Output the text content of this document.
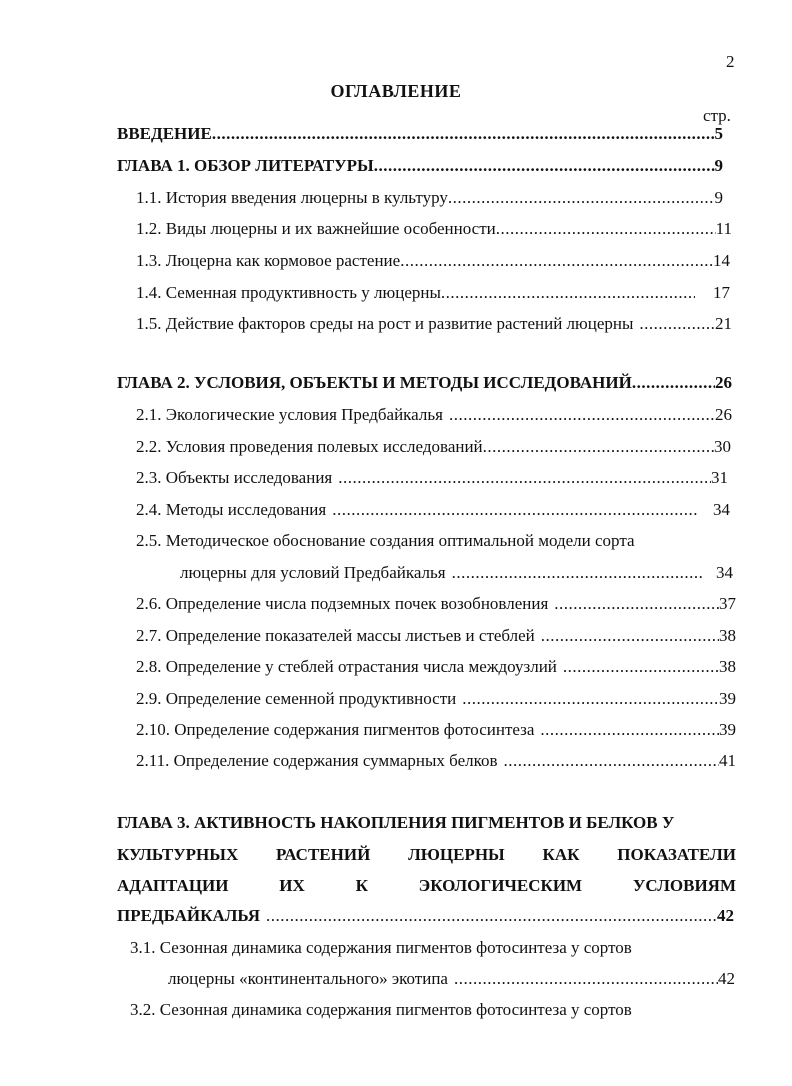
2
ОГЛАВЛЕНИЕ
стр.
ВВЕДЕНИЕ .....	5
ГЛАВА 1. ОБЗОР ЛИТЕРАТУРЫ .....	9
1.1. История введения люцерны в культуру .....	9
1.2. Виды люцерны и их важнейшие особенности .....	11
1.3. Люцерна как кормовое растение .....	14
1.4. Семенная продуктивность у люцерны .....	17
1.5. Действие факторов среды на рост и развитие растений люцерны .....	21
ГЛАВА 2. УСЛОВИЯ, ОБЪЕКТЫ И МЕТОДЫ ИССЛЕДОВАНИЙ .....	26
2.1. Экологические условия Предбайкалья .....	26
2.2. Условия проведения полевых исследований .....	30
2.3. Объекты исследования .....	31
2.4. Методы исследования .....	34
2.5. Методическое обоснование создания оптимальной модели сорта
люцерны для условий Предбайкалья .....	34
2.6. Определение числа подземных почек возобновления .....	37
2.7. Определение показателей массы листьев и стеблей .....	38
2.8. Определение у стеблей отрастания числа междоузлий .....	38
2.9. Определение семенной продуктивности .....	39
2.10. Определение содержания пигментов фотосинтеза .....	39
2.11. Определение содержания суммарных белков .....	41
ГЛАВА 3. АКТИВНОСТЬ НАКОПЛЕНИЯ ПИГМЕНТОВ И БЕЛКОВ У
КУЛЬТУРНЫХ РАСТЕНИЙ ЛЮЦЕРНЫ КАК ПОКАЗАТЕЛИ
АДАПТАЦИИ	ИХ	К	ЭКОЛОГИЧЕСКИМ	УСЛОВИЯМ
ПРЕДБАЙКАЛЬЯ .....	42
3.1. Сезонная динамика содержания пигментов фотосинтеза у сортов
люцерны «континентального» экотипа .....	42
3.2. Сезонная динамика содержания пигментов фотосинтеза у сортов
